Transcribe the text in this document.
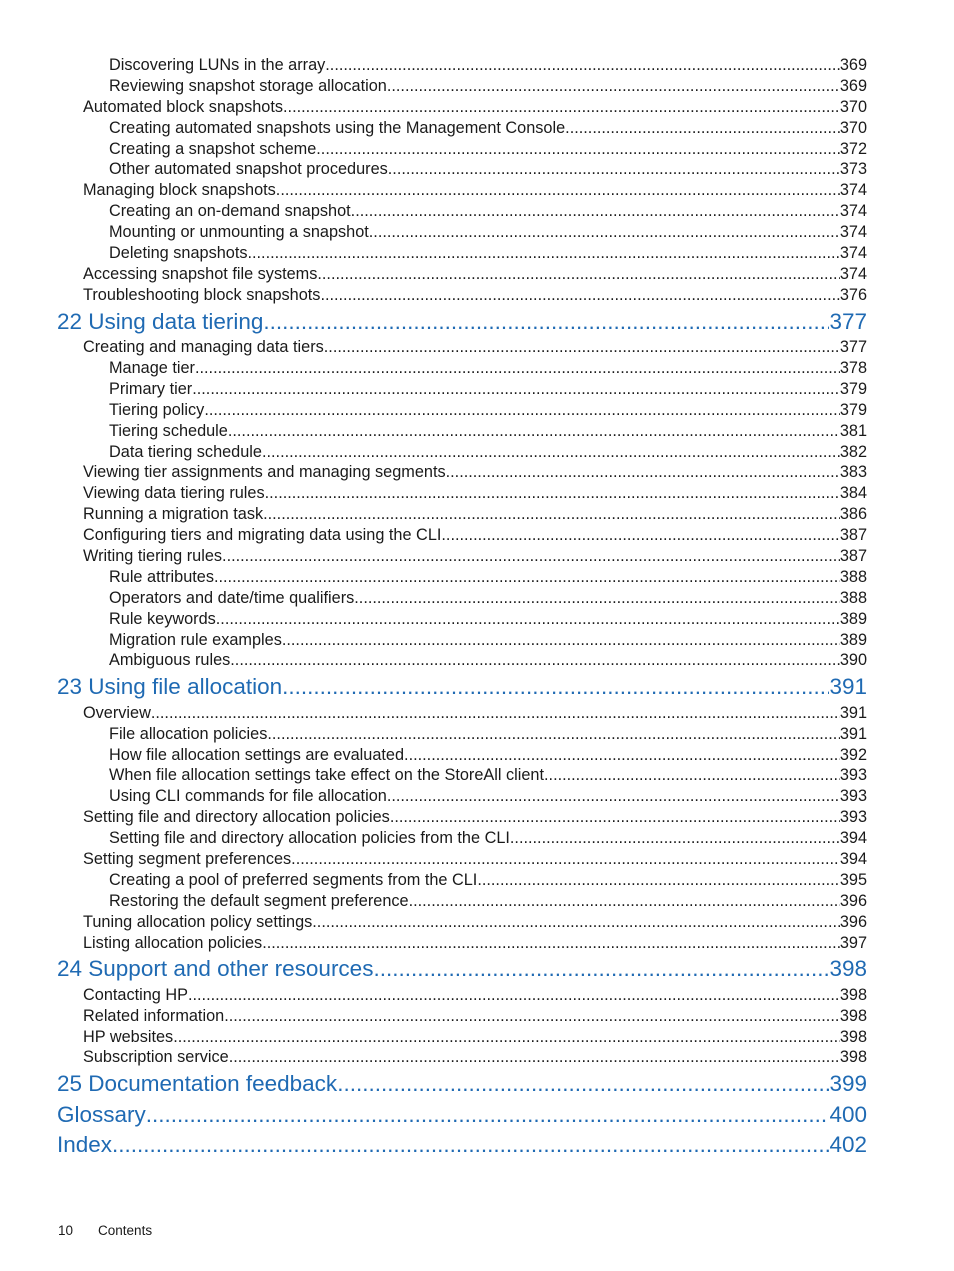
Discovering LUNs in the array .....	369
Reviewing snapshot storage allocation .....	369
Automated block snapshots .....	370
Creating automated snapshots using the Management Console .....	370
Creating a snapshot scheme .....	372
Other automated snapshot procedures .....	373
Managing block snapshots .....	374
Creating an on-demand snapshot .....	374
Mounting or unmounting a snapshot .....	374
Deleting snapshots .....	374
Accessing snapshot file systems .....	374
Troubleshooting block snapshots .....	376
22 Using data tiering .....	377
Creating and managing data tiers .....	377
Manage tier .....	378
Primary tier .....	379
Tiering policy .....	379
Tiering schedule .....	381
Data tiering schedule .....	382
Viewing tier assignments and managing segments .....	383
Viewing data tiering rules .....	384
Running a migration task .....	386
Configuring tiers and migrating data using the CLI .....	387
Writing tiering rules .....	387
Rule attributes .....	388
Operators and date/time qualifiers .....	388
Rule keywords .....	389
Migration rule examples .....	389
Ambiguous rules .....	390
23 Using file allocation .....	391
Overview .....	391
File allocation policies .....	391
How file allocation settings are evaluated .....	392
When file allocation settings take effect on the StoreAll client .....	393
Using CLI commands for file allocation .....	393
Setting file and directory allocation policies .....	393
Setting file and directory allocation policies from the CLI .....	394
Setting segment preferences .....	394
Creating a pool of preferred segments from the CLI .....	395
Restoring the default segment preference .....	396
Tuning allocation policy settings .....	396
Listing allocation policies .....	397
24 Support and other resources .....	398
Contacting HP .....	398
Related information .....	398
HP websites .....	398
Subscription service .....	398
25 Documentation feedback .....	399
Glossary .....	400
Index .....	402
10 Contents
